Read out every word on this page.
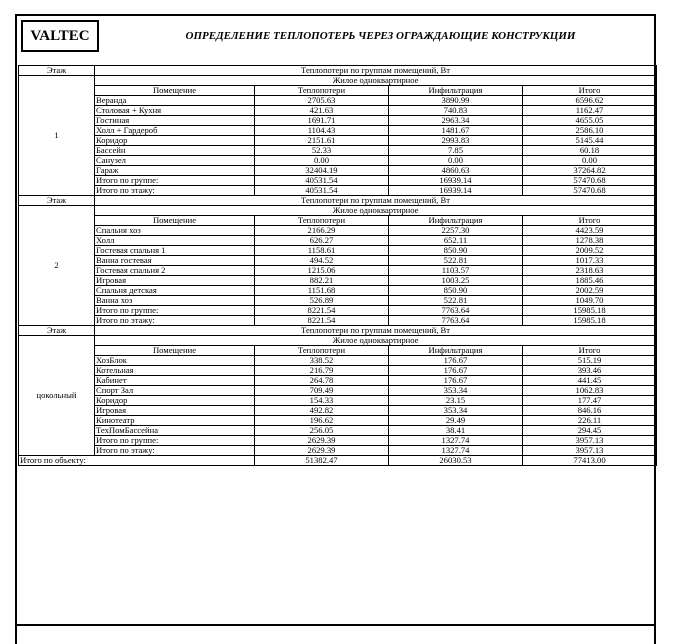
VALTEC	ОПРЕДЕЛЕНИЕ ТЕПЛОПОТЕРЬ ЧЕРЕЗ ОГРАЖДАЮЩИЕ КОНСТРУКЦИИ
Этаж	Теплопотери по группам помещений, Вт			
1	Жилое одноквартирное			
	Помещение	Теплопотери	Инфильтрация	Итого
	Веранда	2705.63	3890.99	6596.62
	Столовая + Кухня	421.63	740.83	1162.47
	Гостиная	1691.71	2963.34	4655.05
	Холл + Гардероб	1104.43	1481.67	2586.10
	Коридор	2151.61	2993.83	5145.44
	Бассейн	52.33	7.85	60.18
	Санузел	0.00	0.00	0.00
	Гараж	32404.19	4860.63	37264.82
	Итого по группе:	40531.54	16939.14	57470.68
	Итого по этажу:	40531.54	16939.14	57470.68
Этаж	Теплопотери по группам помещений, Вт			
2	Жилое одноквартирное			
	Помещение	Теплопотери	Инфильтрация	Итого
	Спальня хоз	2166.29	2257.30	4423.59
	Холл	626.27	652.11	1278.38
	Гостевая спальня 1	1158.61	850.90	2009.52
	Ванна гостевая	494.52	522.81	1017.33
	Гостевая спальня 2	1215.06	1103.57	2318.63
	Игровая	882.21	1003.25	1885.46
	Спальня детская	1151.68	850.90	2002.59
	Ванна хоз	526.89	522.81	1049.70
	Итого по группе:	8221.54	7763.64	15985.18
	Итого по этажу:	8221.54	7763.64	15985.18
Этаж	Теплопотери по группам помещений, Вт			
цокольный	Жилое одноквартирное			
	Помещение	Теплопотери	Инфильтрация	Итого
	ХозБлок	338.52	176.67	515.19
	Котельная	216.79	176.67	393.46
	Кабинет	264.78	176.67	441.45
	Спорт Зал	709.49	353.34	1062.83
	Коридор	154.33	23.15	177.47
	Игровая	492.82	353.34	846.16
	Кинотеатр	196.62	29.49	226.11
	ТехПомБассейна	256.05	38.41	294.45
	Итого по группе:	2629.39	1327.74	3957.13
	Итого по этажу:	2629.39	1327.74	3957.13
Итого по объекту:		51382.47	26030.53	77413.00
